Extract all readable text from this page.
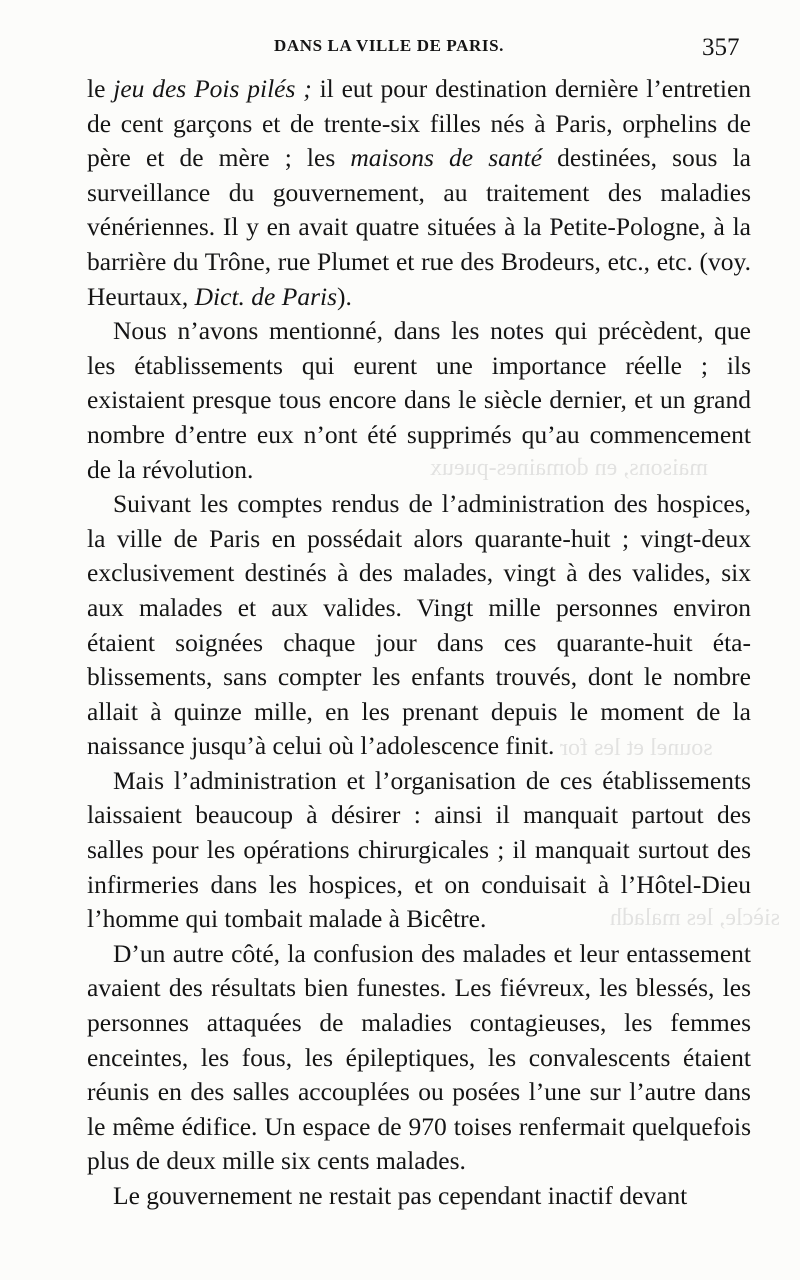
maisons, en domaines-pueux
sounel et les for
siècle, les maladh
DANS LA VILLE DE PARIS.	357

le jeu des Pois pilés ; il eut pour destination dernière l’entretien de cent garçons et de trente-six filles nés à Paris, orphelins de père et de mère ; les maisons de santé destinées, sous la surveillance du gouvernement, au traitement des maladies vénériennes. Il y en avait quatre situées à la Petite-Pologne, à la barrière du Trône, rue Plumet et rue des Brodeurs, etc., etc. (voy. Heurtaux, Dict. de Paris).

Nous n’avons mentionné, dans les notes qui précèdent, que les établissements qui eurent une importance réelle ; ils existaient presque tous encore dans le siècle dernier, et un grand nombre d’entre eux n’ont été supprimés qu’au commencement de la révolution.

Suivant les comptes rendus de l’administration des hospices, la ville de Paris en possédait alors quarante-huit ; vingt-deux exclusivement destinés à des malades, vingt à des valides, six aux malades et aux valides. Vingt mille personnes environ étaient soignées chaque jour dans ces quarante-huit établissements, sans compter les enfants trouvés, dont le nombre allait à quinze mille, en les prenant depuis le moment de la naissance jusqu’à celui où l’adolescence finit.

Mais l’administration et l’organisation de ces établissements laissaient beaucoup à désirer : ainsi il manquait partout des salles pour les opérations chirurgicales ; il manquait surtout des infirmeries dans les hospices, et on conduisait à l’Hôtel-Dieu l’homme qui tombait malade à Bicêtre.

D’un autre côté, la confusion des malades et leur entassement avaient des résultats bien funestes. Les fiévreux, les blessés, les personnes attaquées de maladies contagieuses, les femmes enceintes, les fous, les épileptiques, les convalescents étaient réunis en des salles accouplées ou posées l’une sur l’autre dans le même édifice. Un espace de 970 toises renfermait quelquefois plus de deux mille six cents malades.

Le gouvernement ne restait pas cependant inactif devant
